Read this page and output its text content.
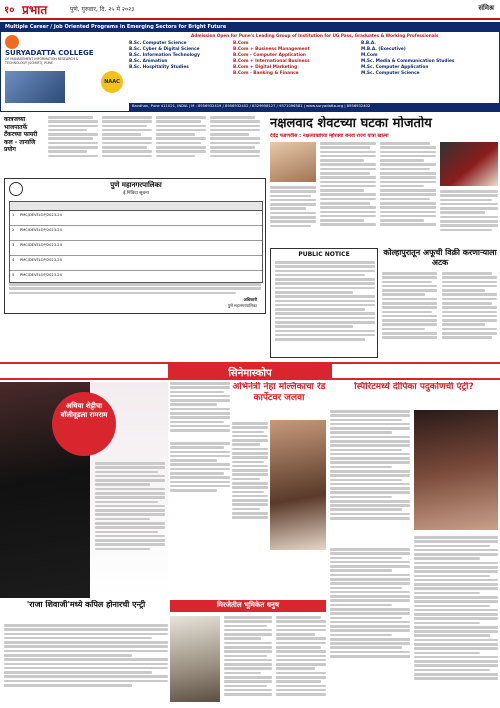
१० प्रभात	पुणे, गुरुवार, दि. २५ मे २०२३	संमिश्र
Multiple Career / Job Oriented Programs in Emerging Sectors for Bright Future
Admission Open for Pune's Leading Group of Institution for UG Pass, Graduates & Working Professionals
SURYADATTA COLLEGE
OF MANAGEMENT INFORMATION RESEARCH & TECHNOLOGY (SCMIRT), PUNE
NAAC
B.Sc. Computer Science
B.Sc. Cyber & Digital Science
B.Sc. Information Technology
B.Sc. Animation
B.Sc. Hospitality Studies
B.Com
B.Com + Business Management
B.Com - Computer Application
B.Com + International Business
B.Com + Digital Marketing
B.Com - Banking & Finance
B.B.A.
M.B.A. (Executive)
M.Com
M.Sc. Media & Communication Studies
M.Sc. Computer Application
M.Sc. Computer Science
Bavdhan, Pune 411021, INDIA | M : 8956932419 / 8956932402 / 8329958127 / 9371096581 | www.suryadatta.org | 8956932402
कात्रजच्या भाजपातर्फे टँकरच्या फायरी कल - तानाजि प्रयोग
पुणे महानगरपालिका
ई निविदा सूचना
1 PMC/DEVELOP/2023-24
2 PMC/DEVELOP/2023-24
3 PMC/DEVELOP/2023-24
4 PMC/DEVELOP/2023-24
5 PMC/DEVELOP/2023-24
अधिकारी
पुणे महानगरपालिका
नक्षलवाद शेवटच्या घटका मोजतोय
देवेंद्र फडणवीस : नक्षलवाद्यांच्या म्होरक्या बनवा राज्य यात्रा खात्मा
PUBLIC NOTICE	कोल्हापुरातून अफूची विक्री करणाऱ्याला अटक
सिनेमास्कोप
अथिया शेट्टीचा बॉलीवूडला रामराम
अभिनेत्री नेहा मल्लिकाचा रेड कार्पेटवर जलवा
स्पिरिटमध्ये दीपिका पदुकोणची एंट्री?
'राजा शिवाजी'मध्ये कपिल होनारची एन्ट्री	मिरजेतील भूमिकेत धनुष
